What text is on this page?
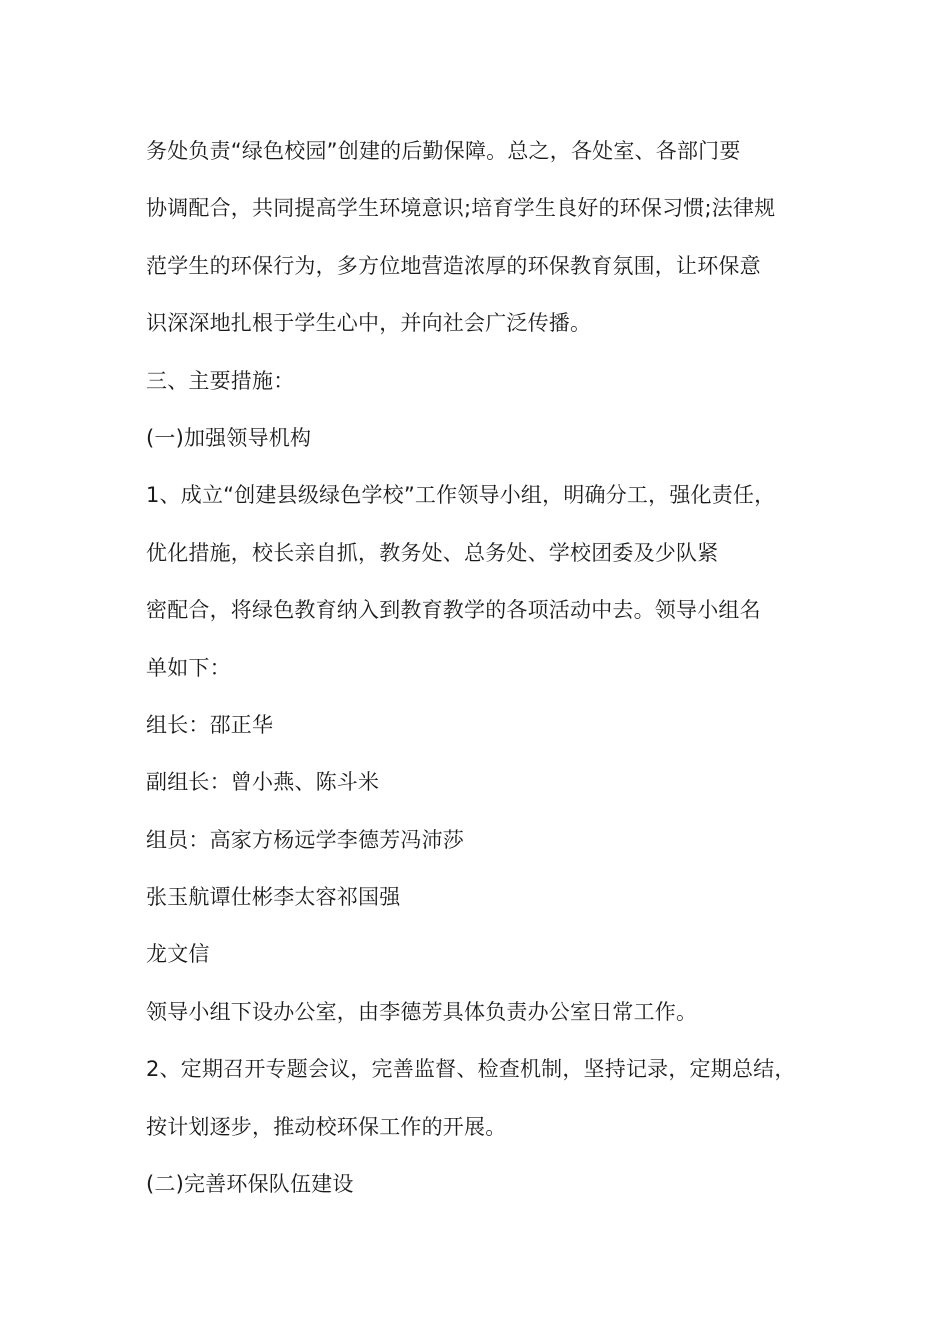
务处负责“绿色校园”创建的后勤保障。总之，各处室、各部门要
协调配合，共同提高学生环境意识;培育学生良好的环保习惯;法律规
范学生的环保行为，多方位地营造浓厚的环保教育氛围，让环保意
识深深地扎根于学生心中，并向社会广泛传播。
三、主要措施：
(一)加强领导机构
1、成立“创建县级绿色学校”工作领导小组，明确分工，强化责任，
优化措施，校长亲自抓，教务处、总务处、学校团委及少队紧
密配合，将绿色教育纳入到教育教学的各项活动中去。领导小组名
单如下：
组长：邵正华
副组长：曾小燕、陈斗米
组员：高家方杨远学李德芳冯沛莎
张玉航谭仕彬李太容祁国强
龙文信
领导小组下设办公室，由李德芳具体负责办公室日常工作。
2、定期召开专题会议，完善监督、检查机制，坚持记录，定期总结，
按计划逐步，推动校环保工作的开展。
(二)完善环保队伍建设
